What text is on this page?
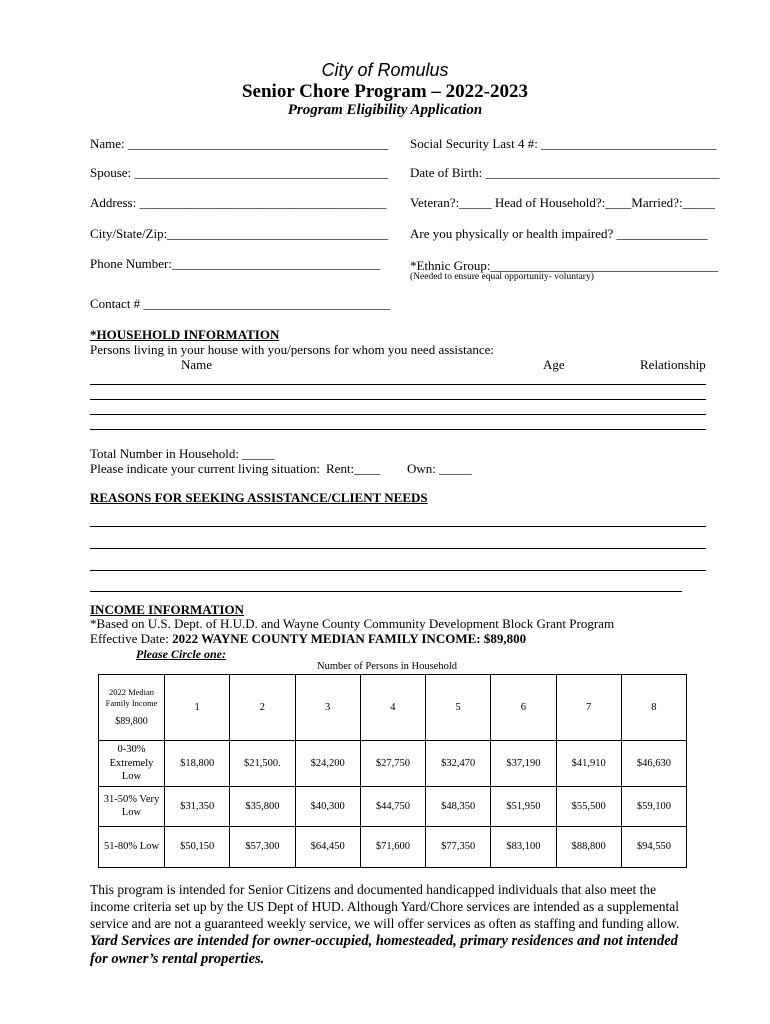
City of Romulus
Senior Chore Program – 2022-2023
Program Eligibility Application
Name: ________________________________________ Social Security Last 4 #: ___________________________
Spouse: _______________________________________ Date of Birth: ____________________________________
Address: ______________________________________ Veteran?:_____ Head of Household?:____Married?:_____
City/State/Zip:__________________________________ Are you physically or health impaired? ______________
Phone Number:________________________________ *Ethnic Group:___________________________________
(Needed to ensure equal opportunity- voluntary)
Contact # ______________________________________
*HOUSEHOLD INFORMATION
Persons living in your house with you/persons for whom you need assistance:
Name	Age	Relationship
Total Number in Household: _____
Please indicate your current living situation: Rent:____ Own: _____
REASONS FOR SEEKING ASSISTANCE/CLIENT NEEDS
INCOME INFORMATION
*Based on U.S. Dept. of H.U.D. and Wayne County Community Development Block Grant Program
Effective Date: 2022 WAYNE COUNTY MEDIAN FAMILY INCOME: $89,800
Please Circle one:
Number of Persons in Household
2022 Median Family Income
$89,800	1	2	3	4	5	6	7	8
0-30% Extremely Low	$18,800	$21,500.	$24,200	$27,750	$32,470	$37,190	$41,910	$46,630
31-50% Very Low	$31,350	$35,800	$40,300	$44,750	$48,350	$51,950	$55,500	$59,100
51-80% Low	$50,150	$57,300	$64,450	$71,600	$77,350	$83,100	$88,800	$94,550
This program is intended for Senior Citizens and documented handicapped individuals that also meet the
income criteria set up by the US Dept of HUD. Although Yard/Chore services are intended as a supplemental
service and are not a guaranteed weekly service, we will offer services as often as staffing and funding allow.
Yard Services are intended for owner-occupied, homesteaded, primary residences and not intended
for owner’s rental properties.
